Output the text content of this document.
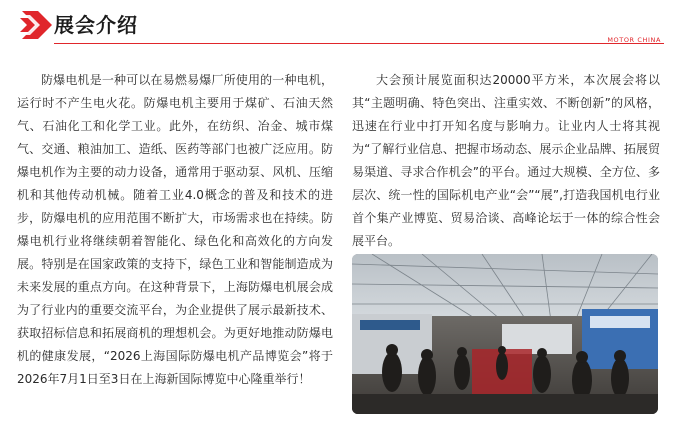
展会介绍
MOTOR CHINA

防爆电机是一种可以在易燃易爆厂所使用的一种电机，运行时不产生电火花。防爆电机主要用于煤矿、石油天然气、石油化工和化学工业。此外，在纺织、冶金、城市煤气、交通、粮油加工、造纸、医药等部门也被广泛应用。防爆电机作为主要的动力设备，通常用于驱动泵、风机、压缩机和其他传动机械。随着工业4.0概念的普及和技术的进步，防爆电机的应用范围不断扩大，市场需求也在持续。防爆电机行业将继续朝着智能化、绿色化和高效化的方向发展。特别是在国家政策的支持下，绿色工业和智能制造成为未来发展的重点方向。在这种背景下，上海防爆电机展会成为了行业内的重要交流平台，为企业提供了展示最新技术、获取招标信息和拓展商机的理想机会。为更好地推动防爆电机的健康发展，“2026上海国际防爆电机产品博览会”将于2026年7月1日至3日在上海新国际博览中心隆重举行！

大会预计展览面积达20000平方米，本次展会将以其“主题明确、特色突出、注重实效、不断创新”的风格，迅速在行业中打开知名度与影响力。让业内人士将其视为“了解行业信息、把握市场动态、展示企业品牌、拓展贸易渠道、寻求合作机会”的平台。通过大规模、全方位、多层次、统一性的国际机电产业“会”“展”,打造我国机电行业首个集产业博览、贸易洽谈、高峰论坛于一体的综合性会展平台。
